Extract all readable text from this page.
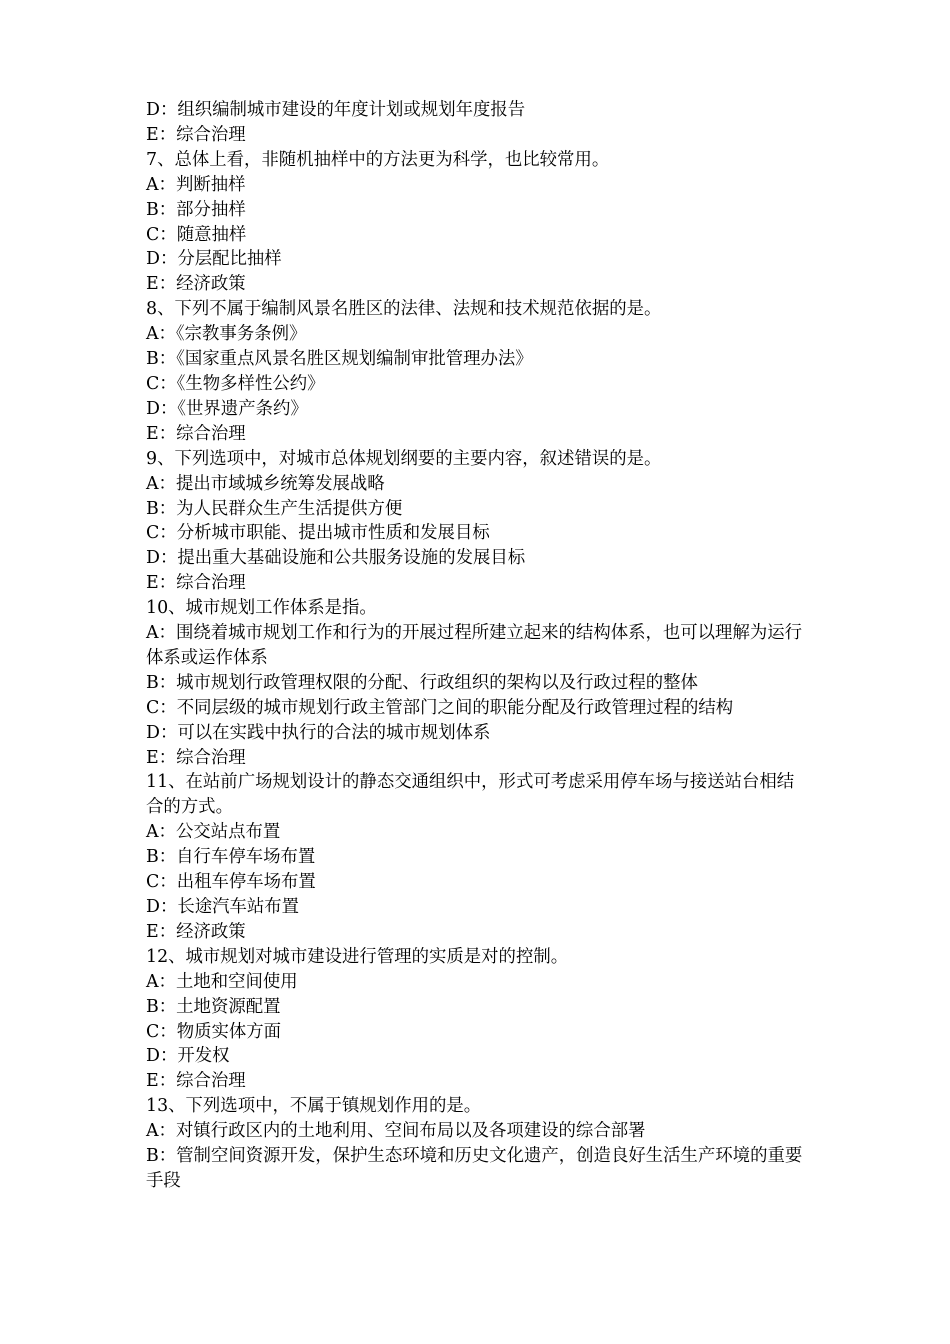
D：组织编制城市建设的年度计划或规划年度报告

E：综合治理

7、总体上看，非随机抽样中的方法更为科学，也比较常用。

A：判断抽样

B：部分抽样

C：随意抽样

D：分层配比抽样

E：经济政策

8、下列不属于编制风景名胜区的法律、法规和技术规范依据的是。

A：《宗教事务条例》

B：《国家重点风景名胜区规划编制审批管理办法》

C：《生物多样性公约》

D：《世界遗产条约》

E：综合治理

9、下列选项中，对城市总体规划纲要的主要内容，叙述错误的是。

A：提出市域城乡统筹发展战略

B：为人民群众生产生活提供方便

C：分析城市职能、提出城市性质和发展目标

D：提出重大基础设施和公共服务设施的发展目标

E：综合治理

10、城市规划工作体系是指。

A：围绕着城市规划工作和行为的开展过程所建立起来的结构体系，也可以理解为运行体系或运作体系

B：城市规划行政管理权限的分配、行政组织的架构以及行政过程的整体

C：不同层级的城市规划行政主管部门之间的职能分配及行政管理过程的结构

D：可以在实践中执行的合法的城市规划体系

E：综合治理

11、在站前广场规划设计的静态交通组织中，形式可考虑采用停车场与接送站台相结合的方式。

A：公交站点布置

B：自行车停车场布置

C：出租车停车场布置

D：长途汽车站布置

E：经济政策

12、城市规划对城市建设进行管理的实质是对的控制。

A：土地和空间使用

B：土地资源配置

C：物质实体方面

D：开发权

E：综合治理

13、下列选项中，不属于镇规划作用的是。

A：对镇行政区内的土地利用、空间布局以及各项建设的综合部署

B：管制空间资源开发，保护生态环境和历史文化遗产，创造良好生活生产环境的重要手段
